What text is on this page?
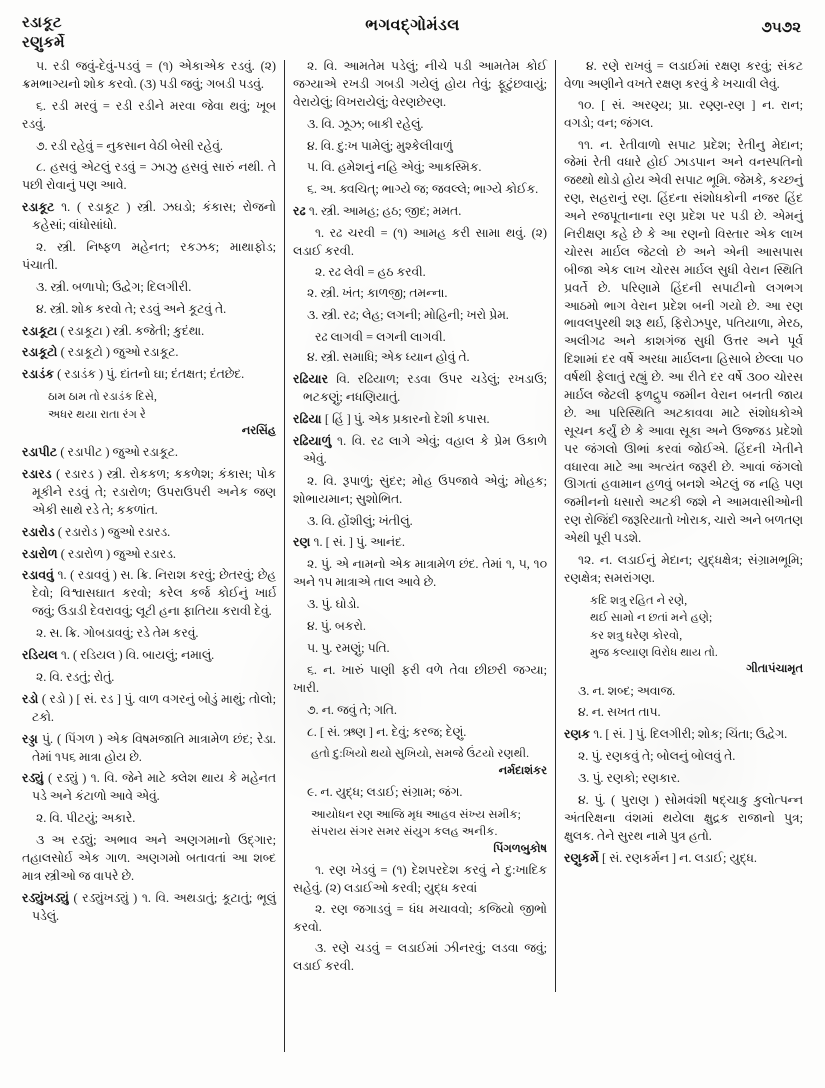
રડાકૂટ
રણુકર્મે
ભગવદ્ગોમંડલ	૭૫૭૨
૫. રડી જવું-દેવું-પડવું = (૧) એકાએક રડવું. (૨) ક્રમભાગ્યનો શોક કરવો. (૩) પડી જવું; ગબડી પડવું.
૬. રડી મરવું = રડી રડીને મરવા જેવા થવું; ખૂબ રડવું.
૭. રડી રહેવું = નુકસાન વેઠી બેસી રહેવું.
૮. હસવું એટલું રડવું = ઝાઝુ હસવું સારું નથી. તે પછી રોવાનું પણ આવે.
રડાકૂટ ૧. ( રડાકૂટ ) સ્ત્રી. ઝઘડો; કંકાસ; રોજનો કહેસાં; વાંધોસાંધો.
૨. સ્ત્રી. નિષ્ફળ મહેનત; રકઝક; માથાફોડ; પંચાતી.
૩. સ્ત્રી. બળાપો; ઉદ્વેગ; દિલગીરી.
૪. સ્ત્રી. શોક કરવો તે; રડવું અને કૂટવું તે.
રડાકૂટા ( રડાકૂટા ) સ્ત્રી. કજેતી; કુદંથા.
રડાકૂટો ( રડાકૂટો ) જુઓ રડાકૂટ.
રડાડંક ( રડાડંક ) પું. દાંતનો ઘા; દંતક્ષત; દંતછેદ.
ઠામ ઠામ તો રડાડંક દિસે,
અધર થયા રાતા રંગ રે
નરસિંહ
રડાપીટ ( રડાપીટ ) જુઓ રડાકૂટ.
રડારડ ( રડારડ ) સ્ત્રી. રોકકળ; કકળેશ; કંકાસ; પોક મૂકીને રડવું તે; રડારોળ; ઉપરાઉપરી અનેક જણ એકી સાથે રડે તે; કકળાંત.
રડારોડ ( રડારોડ ) જુઓ રડારડ.
રડારોળ ( રડારોળ ) જુઓ રડારડ.
રડાવવું ૧. ( રડાવવું ) સ. ક્રિ. નિરાશ કરવું; છેતરવું; છેહ દેવો; વિશ્વાસઘાત કરવો; કરેલ કર્જ કોઈનું ખાર્ઇ જવું; ઉડાડી દેવરાવવું; લૂટી હના ફાતિયા કરાવી દેવું.
૨. સ. ક્રિ. ગોબડાવવું; રડે તેમ કરવું.
રડિયલ ૧. ( રડિયલ ) વિ. બાયલું; નમાલું.
૨. વિ. રડતું; રોતું.
રડો ( રડો ) [ સં. રડ ] પું. વાળ વગરનું બોડું માથું; તોલો; ટકો.
રડ્ડા પું. ( પિંગળ ) એક વિષમજાતિ માત્રામેળ છંદ; રેડા. તેમાં ૧૫૬ માત્રા હોય છે.
રડ્યું ( રડ્યું ) ૧. વિ. જેને માટે ક્લેશ થાય કે મહેનત પડે અને કંટાળો આવે એવું.
૨. વિ. પીટયું; અકારે.
૩ અ રડ્યું; અભાવ અને અણગમાનો ઉદ્ગાર; તહાલસોર્ઇ એક ગાળ. અણગમો બતાવતાં આ શબ્દ માત્ર સ્ત્રીઓ જ વાપરે છે.
રડ્યુંખડ્યું ( રડ્યુંખડ્યું ) ૧. વિ. અથડાતું; કૂટાતું; ભૂલું પડેલું.
૨. વિ. આમતેમ પડેલું; નીચે પડી આમતેમ કોઈ જગ્યાએ રખડી ગબડી ગયેલું હોય તેવું; ફૂટુંછવાયું; વેરાયેલું; વિખરાયેલું; વેરણછેરણ.
૩. વિ. ઝૂઝ; બાકી રહેલું.
૪. વિ. દુ:ખ પામેલું; મુશ્કેલીવાળું
૫. વિ. હમેશનું નહિ એવું; આકસ્મિક.
૬. અ. ક્વચિત્; ભાગ્યે જ; જવલ્લે; ભાગ્યે કોઈક.
રઢ ૧. સ્ત્રી. આમહ; હઠ; જીદ; મમત.
૧. રઢ ચરવી = (૧) આમહ કરી સામા થવું. (૨) લડાઈ કરવી.
૨. રઢ લેવી = હઠ કરવી.
૨. સ્ત્રી. ખંત; કાળજી; તમન્ના.
૩. સ્ત્રી. રઢ; લેહ; લગની; મોહિની; ખરો પ્રેમ.
રઢ લાગવી = લગની લાગવી.
૪. સ્ત્રી. સમાધિ; એક ધ્યાન હોવું તે.
રઢિયાર વિ. રઢિયાળ; રડવા ઉપર ચડેલું; રખડાઉ; ભટકણું; નધણિયાતું.
રઢિયા [ હિં ] પું. એક પ્રકારનો દેશી કપાસ.
રઢિયાળું ૧. વિ. રઢ લાગે એવું; વહાલ કે પ્રેમ ઉકાળે એવું.
૨. વિ. રૂપાળું; સુંદર; મોહ ઉપજાવે એવું; મોહક; શોભાયમાન; સુશોભિત.
૩. વિ. હોંશીલું; ખંતીલું.
રણ ૧. [ સં. ] પું. આનંદ.
૨. પું. એ નામનો એક માત્રામેળ છંદ. તેમાં ૧, ૫, ૧૦ અને ૧૫ માત્રાએ તાલ આવે છે.
૩. પું. ઘોડો.
૪. પું. બકરો.
૫. પુ. રમણું; પતિ.
૬. ન. ખારું પાણી ફરી વળે તેવા છીછરી જગ્યા; ખારી.
૭. ન. જવું તે; ગતિ.
૮. [ સં. ઋણ ] ન. દેવું; કરજ; દેણું.
હતો દુ:ખિયો થયો સુખિયો, સમજે ઉંટયો રણથી.
નર્મદાશંકર
૯. ન. યુદ્ધ; લડાઈ; સંગ્રામ; જંગ.
આયોધન રણ આજિ મૃધ આહવ સંખ્ય સમીક;
સંપરાય સંગર સમર સંયુગ કલહ અનીક.
પિંગળબુકોષ
૧. રણ ખેડવું = (૧) દેશપરદેશ કરવું ને દુ:ખાદિક સહેવું. (૨) લડાઈઓ કરવી; યુદ્ધ કરવાં
૨. રણ જગાડવું = ધંધ મચાવવો; કજિયો જીભો કરવો.
૩. રણે ચડવું = લડાઈમાં ઝીનરવું; લડવા જવું; લડાઈ કરવી.
૪. રણે રાખવું = લડાઈમાં રક્ષણ કરવું; સંકટ વેળા અણીને વખતે રક્ષણ કરવું કે ખચાવી લેવું.
૧૦. [ સં. અરણ્ય; પ્રા. રણ્ણ-રણ ] ન. રાન; વગડો; વન; જંગલ.
૧૧. ન. રેતીવાળો સપાટ પ્રદેશ; રેતીનુ મેદાન; જેમાં રેતી વધારે હોઈ ઝાડપાન અને વનસ્પતિનો જથ્થો થોડો હોય એવી સપાટ ભૂમિ. જેમકે, કચ્છનું રણ, સહરાનું રણ. હિંદના સંશોધકોની નજર હિંદ અને રજપૂતાનાના રણ પ્રદેશ પર પડી છે. એમનું નિરીક્ષણ કહે છે કે આ રણનો વિસ્તાર એક લાખ ચોરસ માર્ઇલ જેટલો છે અને એની આસપાસ બીજા એક લાખ ચોરસ માર્ઇલ સુધી વેરાન સ્થિતિ પ્રવર્તે છે. પરિણામે હિંદની સપાટીનો લગભગ આઠમો ભાગ વેરાન પ્રદેશ બની ગયો છે. આ રણ ભાવલપુરથી શરૂ થર્ઇ, ફિરોઝપુર, પતિયાળા, મેરઠ, અલીગઢ અને કાશગંજ સુધી ઉત્તર અને પૂર્વ દિશામાં દર વર્ષે અરધા માર્ઇલના હિસાબે છેલ્લા ૫૦ વર્ષથી ફેલાતું રહ્યું છે. આ રીતે દર વર્ષે ૩૦૦ ચોરસ માર્ઇલ જેટલી ફળદ્રુપ જમીન વેરાન બનતી જાય છે. આ પરિસ્થિતિ અટકાવવા માટે સંશોધકોએ સૂચન કર્યું છે કે આવા સૂકા અને ઉજ્જડ પ્રદેશો પર જંગલો ઊભાં કરવાં જોઈએ. હિંદની ખેતીને વધારવા માટે આ અત્યંત જરૂરી છે. આવાં જંગલો ઊગતાં હવામાન હળવું બનશે એટલું જ નહિ પણ જમીનનો ધસારો અટકી જશે ને આમવાસીઓની રણ રોજિંદી જરૂરિયાતો ખોરાક, ચારો અને બળતણ એથી પૂરી પડશે.
૧૨. ન. લડાઈનું મેદાન; યુદ્ધક્ષેત્ર; સંગ્રામભૂમિ; રણક્ષેત્ર; સમરાંગણ.
કદિ શત્રુ રહિત ને રણે,
થઈ સામો ન છતાં મને હણે;
કર શત્રુ ધરેણ કોરવો,
મુજ કલ્યાણ વિરોધ થાય તો.
ગીતાપંચામૃત
૩. ન. શબ્દ; અવાજ.
૪. ન. સખત તાપ.
રણક ૧. [ સં. ] પું. દિલગીરી; શોક; ચિંતા; ઉદ્વેગ.
૨. પું. રણકવું તે; બોલનું બોલવું તે.
૩. પું. રણકો; રણકાર.
૪. પું. ( પુરાણ ) સોમવંશી ષદ્ચાકુ કુલોત્પન્ન અંતરિક્ષના વંશમાં થયેલા ક્ષુદ્રક રાજાનો પુત્ર; ક્ષુલક. તેને સુરથ નામે પુત્ર હતો.
રણુકર્મે [ સં. રણકર્મન ] ન. લડાઈ; યુદ્ધ.
